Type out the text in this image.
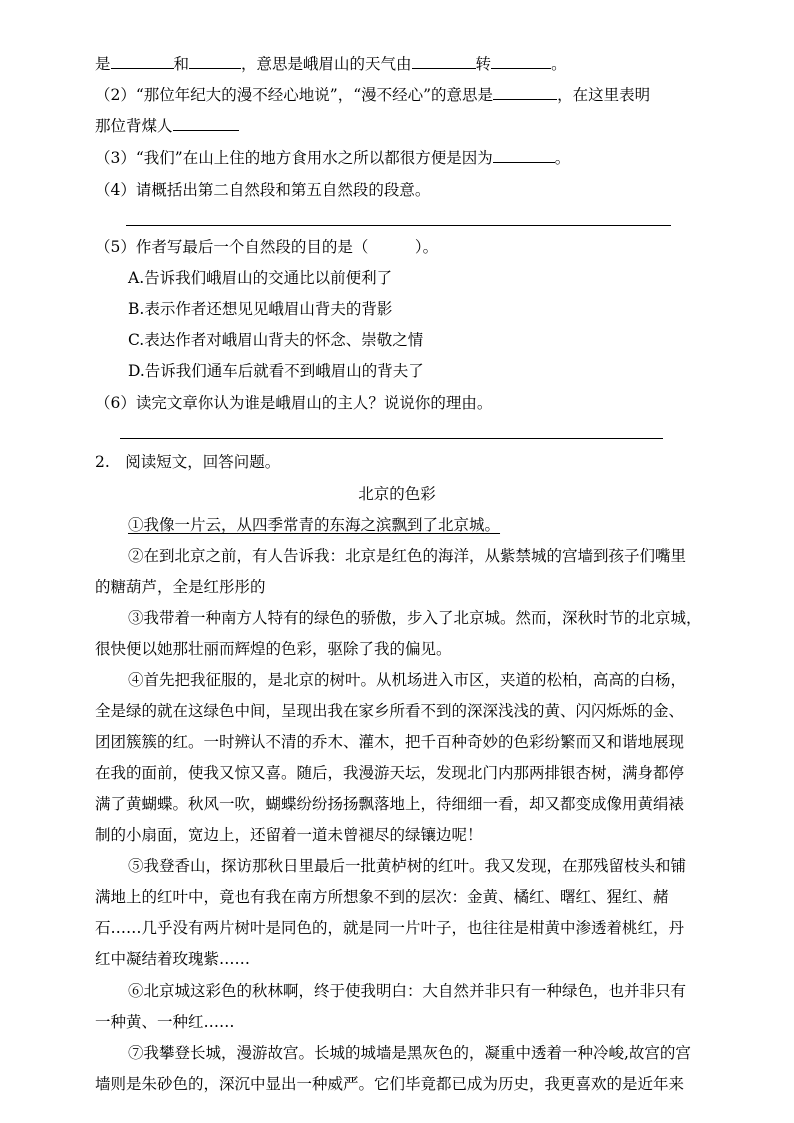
是	和	，意思是峨眉山的天气由	转	。
（2）“那位年纪大的漫不经心地说”，“漫不经心”的意思是	，在这里表明
那位背煤人
（3）“我们”在山上住的地方食用水之所以都很方便是因为	。
（4）请概括出第二自然段和第五自然段的段意。
（5）作者写最后一个自然段的目的是（　　　）。
A.告诉我们峨眉山的交通比以前便利了
B.表示作者还想见见峨眉山背夫的背影
C.表达作者对峨眉山背夫的怀念、崇敬之情
D.告诉我们通车后就看不到峨眉山的背夫了
（6）读完文章你认为谁是峨眉山的主人？说说你的理由。
2.　阅读短文，回答问题。
北京的色彩
①我像一片云，从四季常青的东海之滨飘到了北京城。
②在到北京之前，有人告诉我：北京是红色的海洋，从紫禁城的宫墙到孩子们嘴里
的糖葫芦，全是红彤彤的
③我带着一种南方人特有的绿色的骄傲，步入了北京城。然而，深秋时节的北京城，
很快便以她那壮丽而辉煌的色彩，驱除了我的偏见。
④首先把我征服的，是北京的树叶。从机场进入市区，夹道的松柏，高高的白杨，
全是绿的就在这绿色中间，呈现出我在家乡所看不到的深深浅浅的黄、闪闪烁烁的金、
团团簇簇的红。一时辨认不清的乔木、灌木，把千百种奇妙的色彩纷繁而又和谐地展现
在我的面前，使我又惊又喜。随后，我漫游天坛，发现北门内那两排银杏树，满身都停
满了黄蝴蝶。秋风一吹，蝴蝶纷纷扬扬飘落地上，待细细一看，却又都变成像用黄绢裱
制的小扇面，宽边上，还留着一道未曾褪尽的绿镶边呢！
⑤我登香山，探访那秋日里最后一批黄栌树的红叶。我又发现，在那残留枝头和铺
满地上的红叶中，竟也有我在南方所想象不到的层次：金黄、橘红、曙红、猩红、赭
石……几乎没有两片树叶是同色的，就是同一片叶子，也往往是柑黄中渗透着桃红，丹
红中凝结着玫瑰紫……
⑥北京城这彩色的秋林啊，终于使我明白：大自然并非只有一种绿色，也并非只有
一种黄、一种红……
⑦我攀登长城，漫游故宫。长城的城墙是黑灰色的，凝重中透着一种冷峻,故宫的宫
墙则是朱砂色的，深沉中显出一种威严。它们毕竟都已成为历史，我更喜欢的是近年来
